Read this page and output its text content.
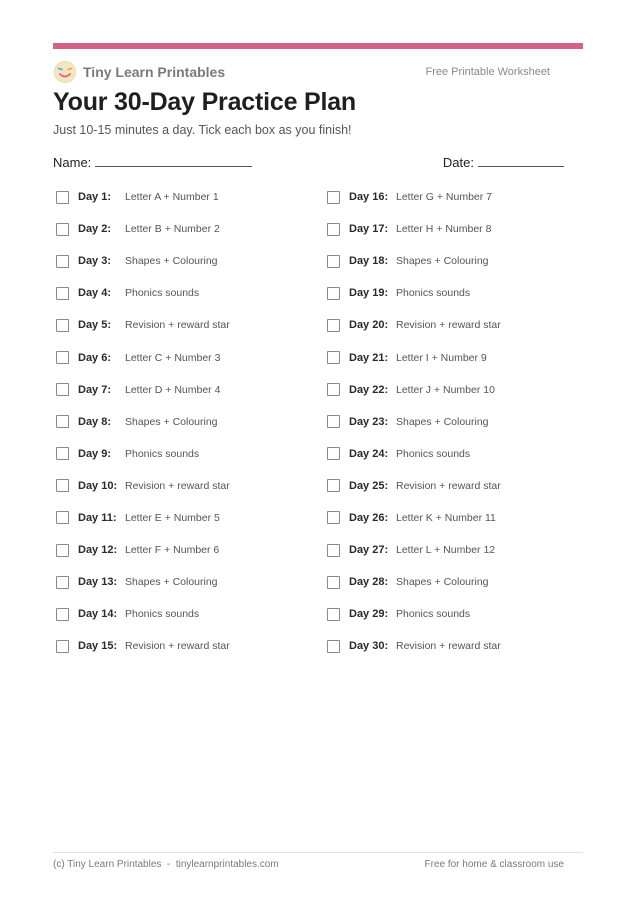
Tiny Learn Printables	Free Printable Worksheet
Your 30-Day Practice Plan
Just 10-15 minutes a day. Tick each box as you finish!
Name:	Date:
Day 1:	Letter A + Number 1
Day 2:	Letter B + Number 2
Day 3:	Shapes + Colouring
Day 4:	Phonics sounds
Day 5:	Revision + reward star
Day 6:	Letter C + Number 3
Day 7:	Letter D + Number 4
Day 8:	Shapes + Colouring
Day 9:	Phonics sounds
Day 10: Revision + reward star
Day 11: Letter E + Number 5
Day 12: Letter F + Number 6
Day 13: Shapes + Colouring
Day 14: Phonics sounds
Day 15: Revision + reward star
Day 16: Letter G + Number 7
Day 17: Letter H + Number 8
Day 18: Shapes + Colouring
Day 19: Phonics sounds
Day 20: Revision + reward star
Day 21: Letter I + Number 9
Day 22: Letter J + Number 10
Day 23: Shapes + Colouring
Day 24: Phonics sounds
Day 25: Revision + reward star
Day 26: Letter K + Number 11
Day 27: Letter L + Number 12
Day 28: Shapes + Colouring
Day 29: Phonics sounds
Day 30: Revision + reward star
(c) Tiny Learn Printables  -  tinylearnprintables.com	Free for home & classroom use
